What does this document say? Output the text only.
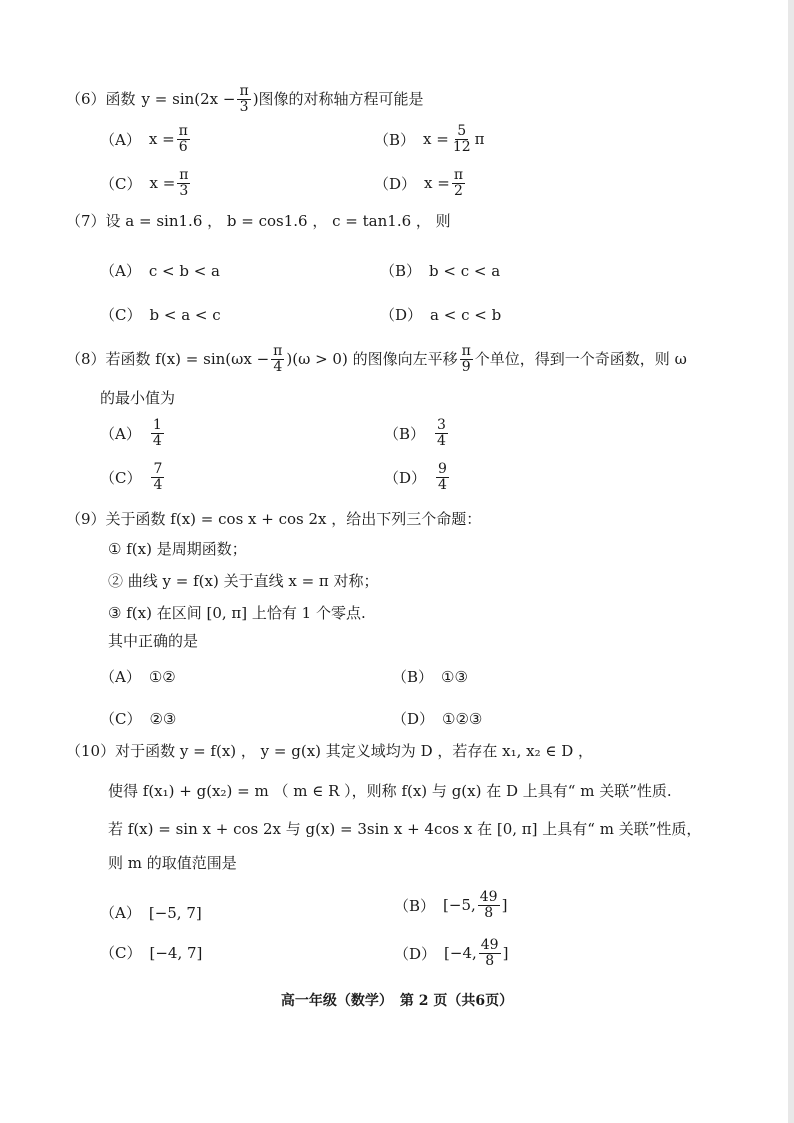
（6）函数 $y = \sin(2x - \frac{\pi}{3}$ )图像的对称轴方程可能是
（A） $x = \frac{\pi}{6}$	（B） $x = \frac{5}{12}$ π
（C） $x = \frac{\pi}{3}$	（D） $x = \frac{\pi}{2}$
（7）设 a = sin1.6 ， b = cos1.6 ， c = tan1.6 ， 则
（A） c < b < a	（B） b < c < a
（C） b < a < c	（D） a < c < b
（8）若函数 $f(x) = \sin(\omega x - \frac{\pi}{4} )(\omega > 0)$ 的图像向左平移 $\frac{\pi}{9}$ 个单位，得到一个奇函数，则 ω
的最小值为
$(A) \frac{1}{4}$	$(B) \frac{3}{4}$
$(C) \frac{7}{4}$	$(D) \frac{9}{4}$
（9）关于函数 f(x) = cos x + cos 2x ，给出下列三个命题：
① f(x) 是周期函数；
② 曲线 y = f(x) 关于直线 x = π 对称；
③ f(x) 在区间 [0, π] 上恰有 1 个零点.
其中正确的是
（A） ①②	（B） ①③
（C） ②③	（D） ①②③
（10）对于函数 y = f(x) ， y = g(x) 其定义域均为 D ，若存在 x₁, x₂ ∈ D ，
使得 f(x₁) + g(x₂) = m （ m ∈ R ），则称 f(x) 与 g(x) 在 D 上具有“ m 关联”性质.
若 f(x) = sin x + cos 2x 与 g(x) = 3sin x + 4cos x 在 [0, π] 上具有“ m 关联”性质，
则 m 的取值范围是
（A） [−5, 7]	（B） [−5, $\frac{49}{8}$ ]
（C） [−4, 7]	（D） [−4, $\frac{49}{8}$ ]
高一年级（数学）　第 2 页（共6页）
